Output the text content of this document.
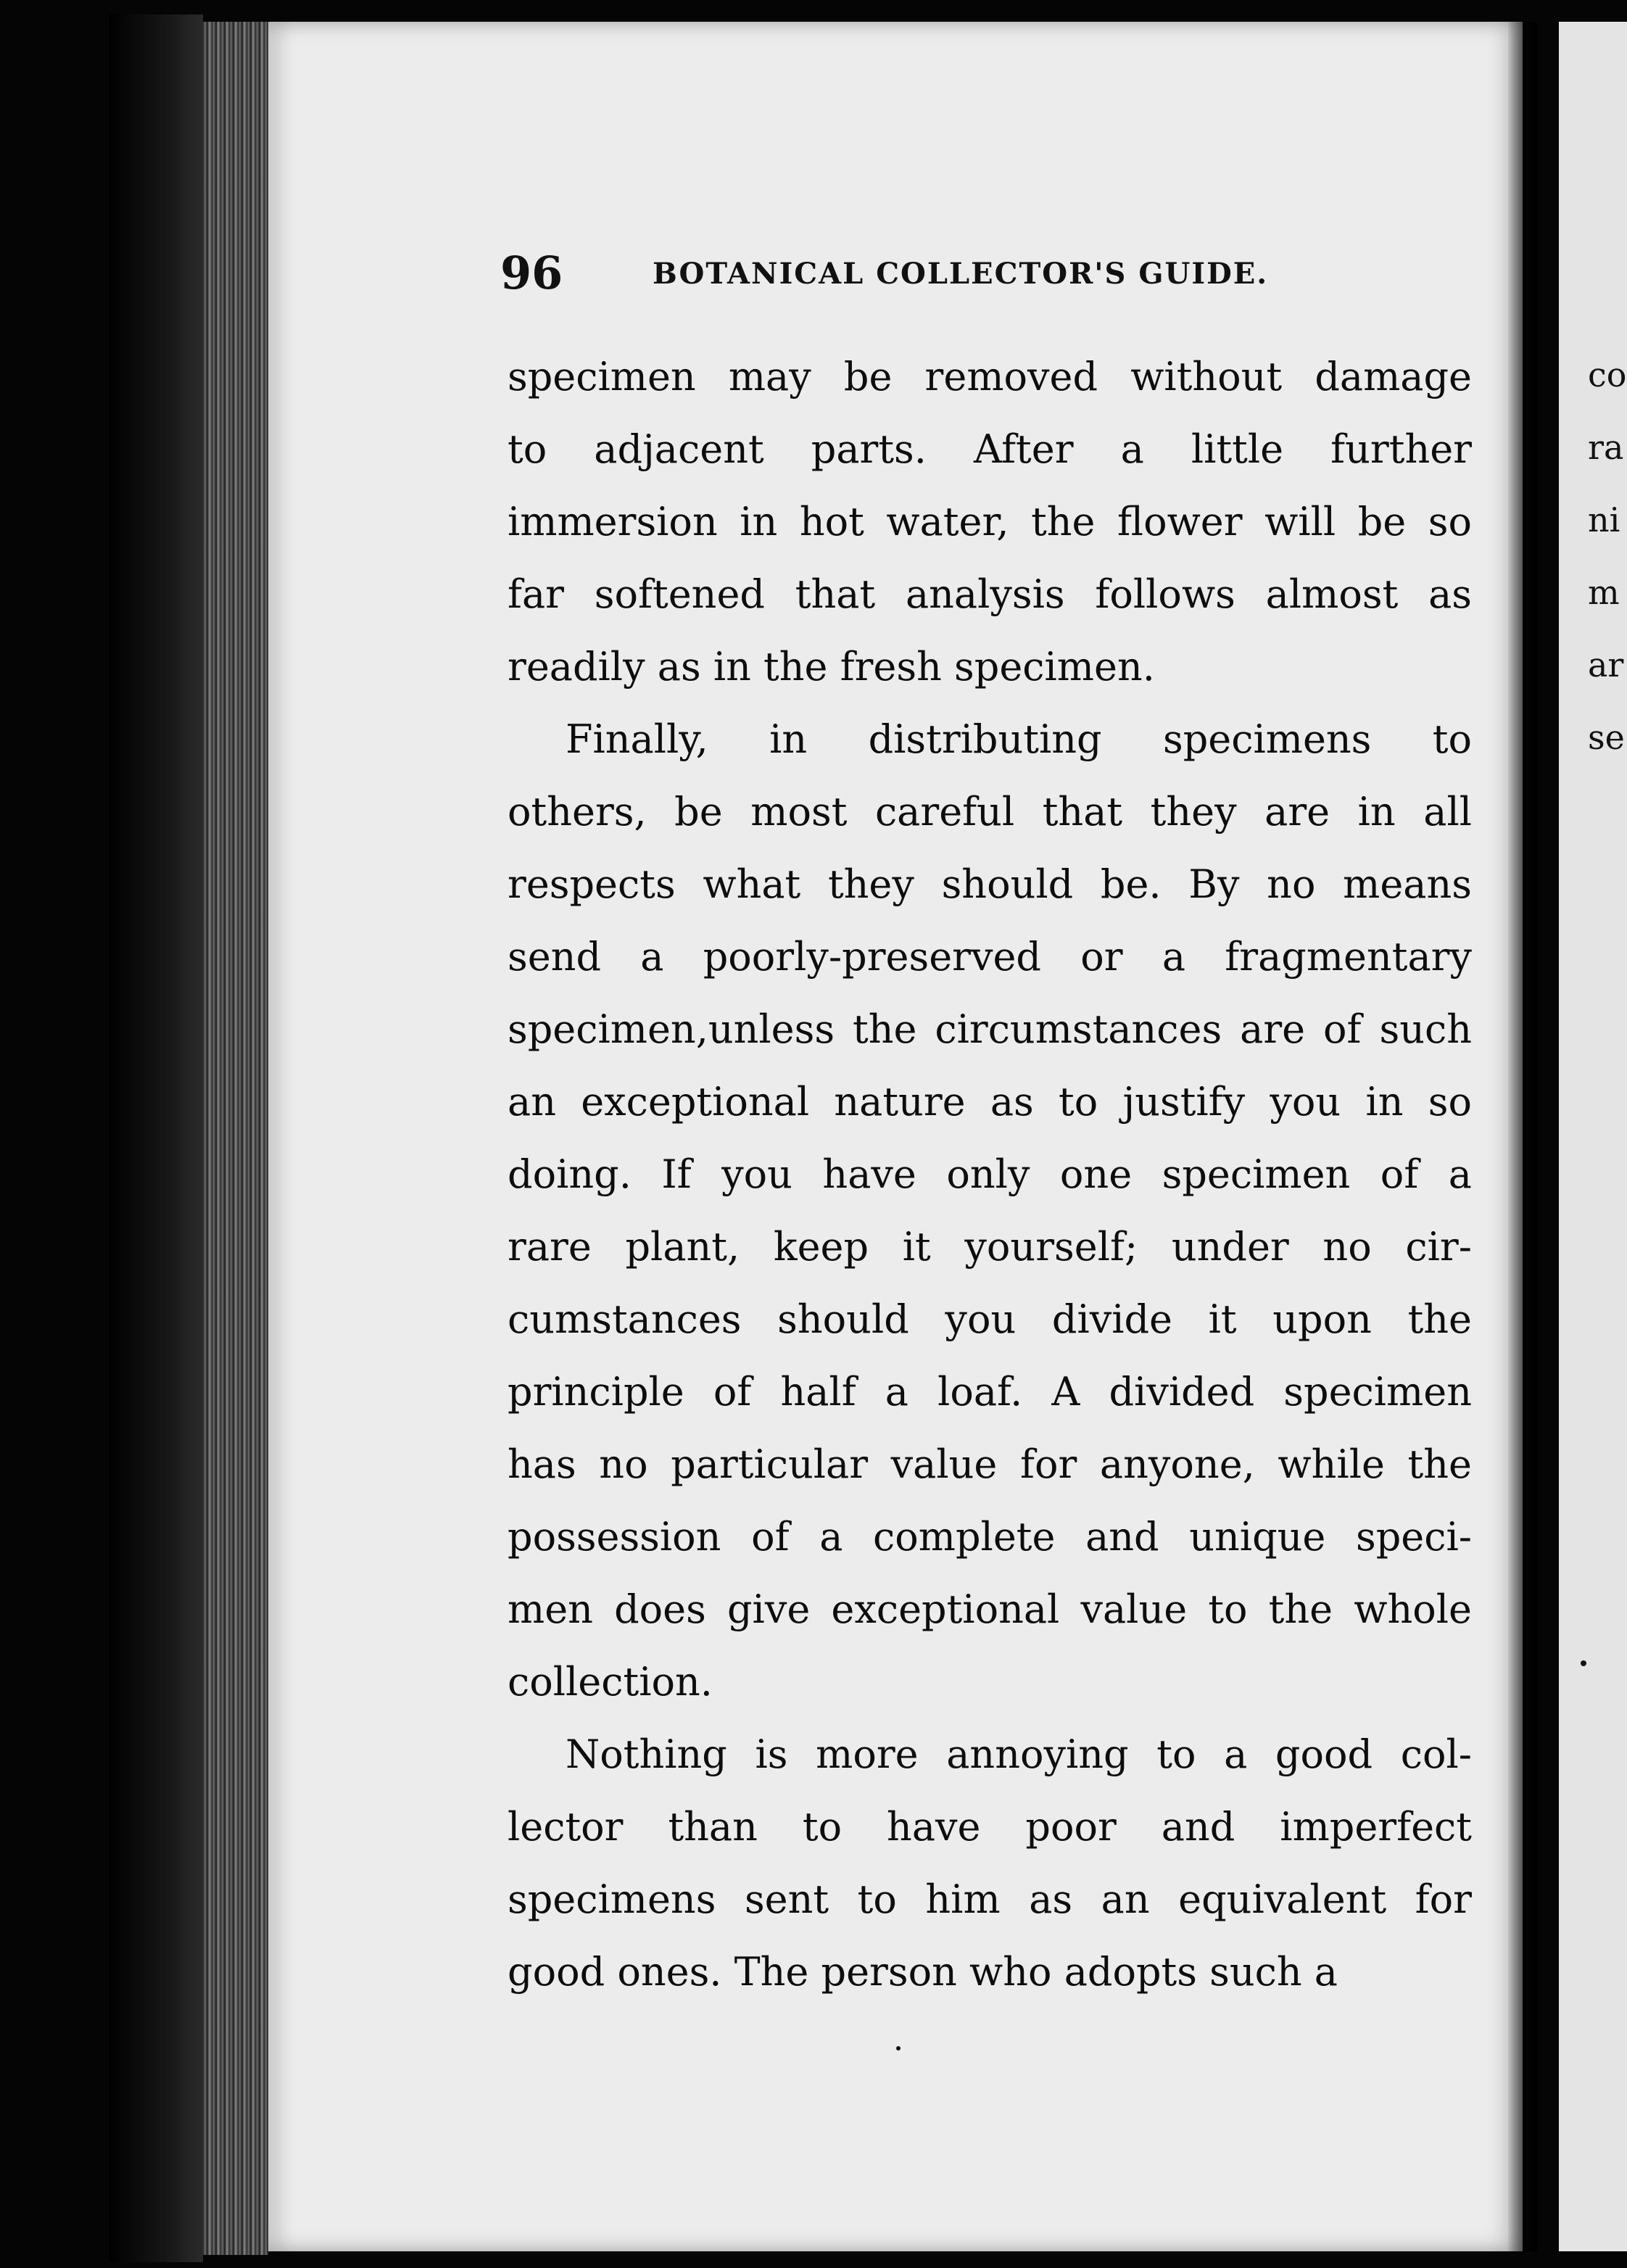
96	BOTANICAL COLLECTOR'S GUIDE.
specimen may be removed without damage
to adjacent parts. After a little further
immersion in hot water, the flower will be so
far softened that analysis follows almost as
readily as in the fresh specimen.
Finally, in distributing specimens to
others, be most careful that they are in all
respects what they should be. By no means
send a poorly-preserved or a fragmentary
specimen,unless the circumstances are of such
an exceptional nature as to justify you in so
doing. If you have only one specimen of a
rare plant, keep it yourself; under no cir-
cumstances should you divide it upon the
principle of half a loaf. A divided specimen
has no particular value for anyone, while the
possession of a complete and unique speci-
men does give exceptional value to the whole
collection.
Nothing is more annoying to a good col-
lector than to have poor and imperfect
specimens sent to him as an equivalent for
good ones. The person who adopts such a
co
ra
ni
m
ar
se
